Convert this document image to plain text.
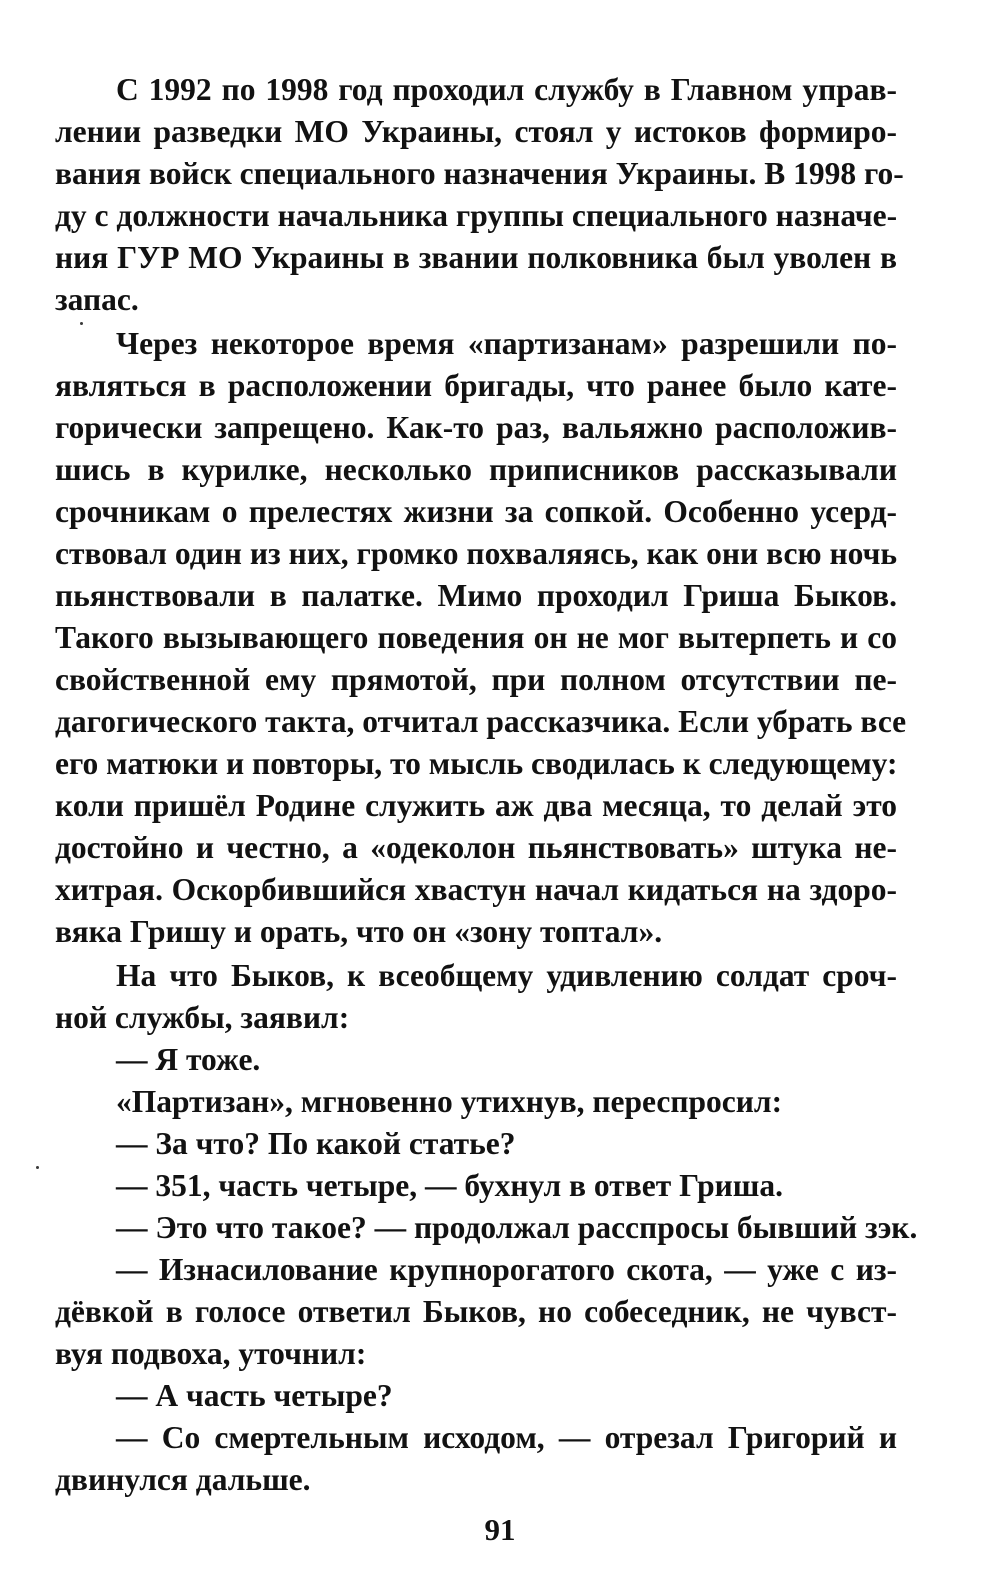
С 1992 по 1998 год проходил службу в Главном управ-
лении разведки МО Украины, стоял у истоков формиро-
вания войск специального назначения Украины. В 1998 го-
ду с должности начальника группы специального назначе-
ния ГУР МО Украины в звании полковника был уволен в
запас.
Через некоторое время «партизанам» разрешили по-
являться в расположении бригады, что ранее было кате-
горически запрещено. Как-то раз, вальяжно расположив-
шись в курилке, несколько приписников рассказывали
срочникам о прелестях жизни за сопкой. Особенно усерд-
ствовал один из них, громко похваляясь, как они всю ночь
пьянствовали в палатке. Мимо проходил Гриша Быков.
Такого вызывающего поведения он не мог вытерпеть и со
свойственной ему прямотой, при полном отсутствии пе-
дагогического такта, отчитал рассказчика. Если убрать все
его матюки и повторы, то мысль сводилась к следующему:
коли пришёл Родине служить аж два месяца, то делай это
достойно и честно, а «одеколон пьянствовать» штука не-
хитрая. Оскорбившийся хвастун начал кидаться на здоро-
вяка Гришу и орать, что он «зону топтал».
На что Быков, к всеобщему удивлению солдат сроч-
ной службы, заявил:
— Я тоже.
«Партизан», мгновенно утихнув, переспросил:
— За что? По какой статье?
— 351, часть четыре, — бухнул в ответ Гриша.
— Это что такое? — продолжал расспросы бывший зэк.
— Изнасилование крупнорогатого скота, — уже с из-
дёвкой в голосе ответил Быков, но собеседник, не чувст-
вуя подвоха, уточнил:
— А часть четыре?
— Со смертельным исходом, — отрезал Григорий и
двинулся дальше.
91
